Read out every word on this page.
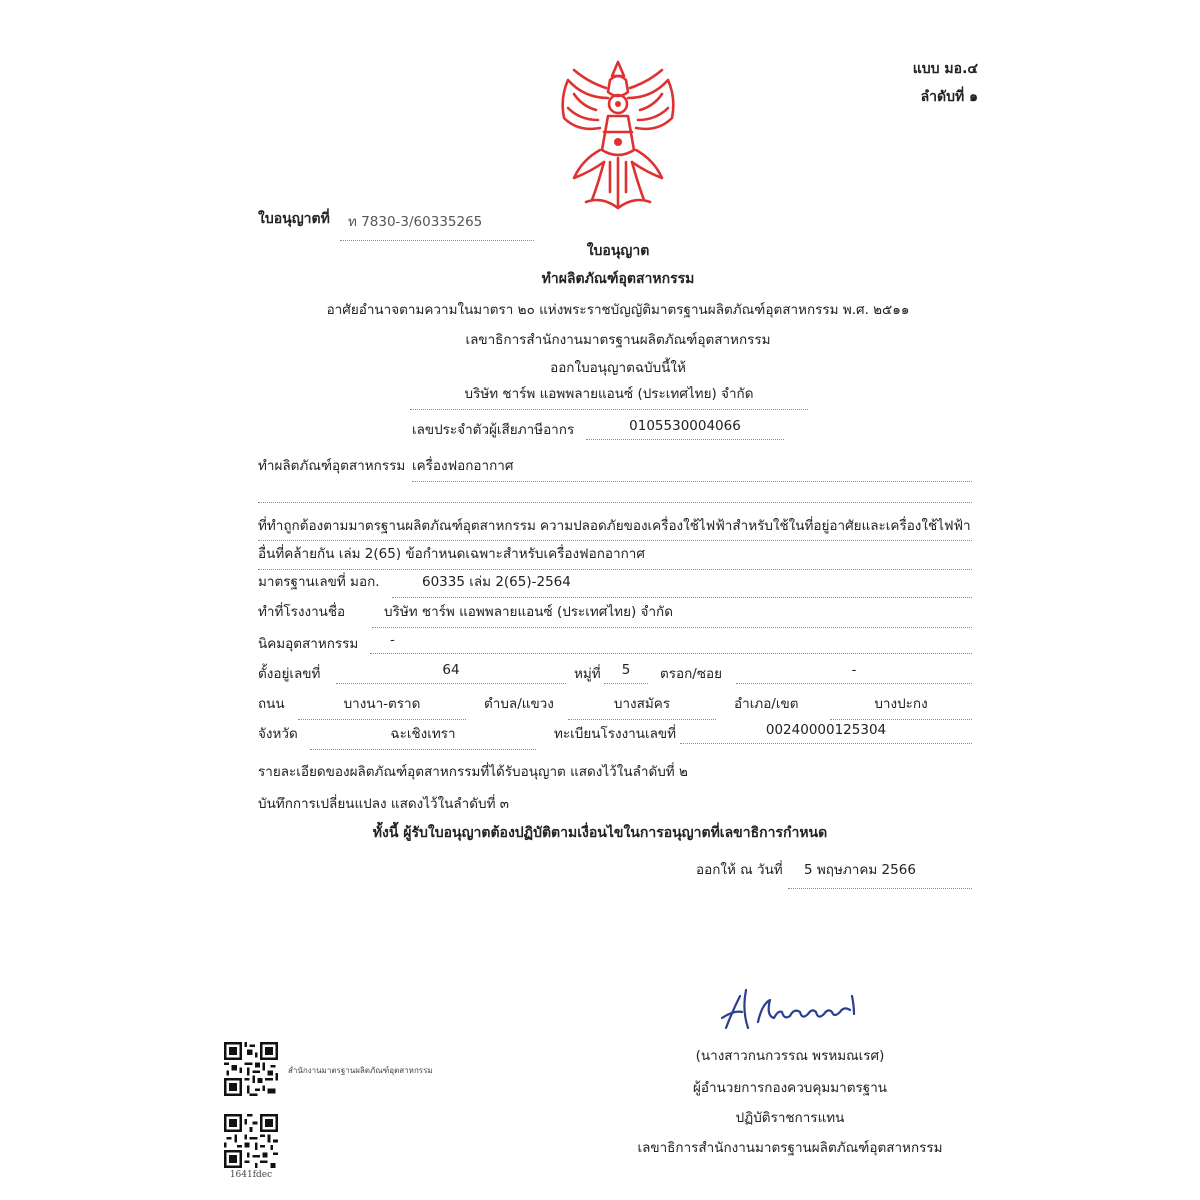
แบบ มอ.๔
ลำดับที่ ๑
ใบอนุญาตที่	ท 7830-3/60335265
ใบอนุญาต
ทำผลิตภัณฑ์อุตสาหกรรม
อาศัยอำนาจตามความในมาตรา ๒๐ แห่งพระราชบัญญัติมาตรฐานผลิตภัณฑ์อุตสาหกรรม พ.ศ. ๒๕๑๑
เลขาธิการสำนักงานมาตรฐานผลิตภัณฑ์อุตสาหกรรม
ออกใบอนุญาตฉบับนี้ให้
บริษัท ชาร์พ แอพพลายแอนซ์ (ประเทศไทย) จำกัด
เลขประจำตัวผู้เสียภาษีอากร	0105530004066
ทำผลิตภัณฑ์อุตสาหกรรม เครื่องฟอกอากาศ
ที่ทำถูกต้องตามมาตรฐานผลิตภัณฑ์อุตสาหกรรม ความปลอดภัยของเครื่องใช้ไฟฟ้าสำหรับใช้ในที่อยู่อาศัยและเครื่องใช้ไฟฟ้า
อื่นที่คล้ายกัน เล่ม 2(65) ข้อกำหนดเฉพาะสำหรับเครื่องฟอกอากาศ
มาตรฐานเลขที่ มอก.	60335 เล่ม 2(65)-2564
ทำที่โรงงานชื่อ	บริษัท ชาร์พ แอพพลายแอนซ์ (ประเทศไทย) จำกัด
นิคมอุตสาหกรรม	-
ตั้งอยู่เลขที่	64	หมู่ที่	5	ตรอก/ซอย	-
ถนน	บางนา-ตราด	ตำบล/แขวง	บางสมัคร	อำเภอ/เขต	บางปะกง
จังหวัด	ฉะเชิงเทรา	ทะเบียนโรงงานเลขที่	00240000125304
รายละเอียดของผลิตภัณฑ์อุตสาหกรรมที่ได้รับอนุญาต แสดงไว้ในลำดับที่ ๒
บันทึกการเปลี่ยนแปลง แสดงไว้ในลำดับที่ ๓
ทั้งนี้ ผู้รับใบอนุญาตต้องปฏิบัติตามเงื่อนไขในการอนุญาตที่เลขาธิการกำหนด
ออกให้ ณ วันที่	5 พฤษภาคม 2566
(นางสาวกนกวรรณ พรหมณเรศ)
ผู้อำนวยการกองควบคุมมาตรฐาน
ปฏิบัติราชการแทน
เลขาธิการสำนักงานมาตรฐานผลิตภัณฑ์อุตสาหกรรม
สำนักงานมาตรฐานผลิตภัณฑ์อุตสาหกรรม
1641fdec
